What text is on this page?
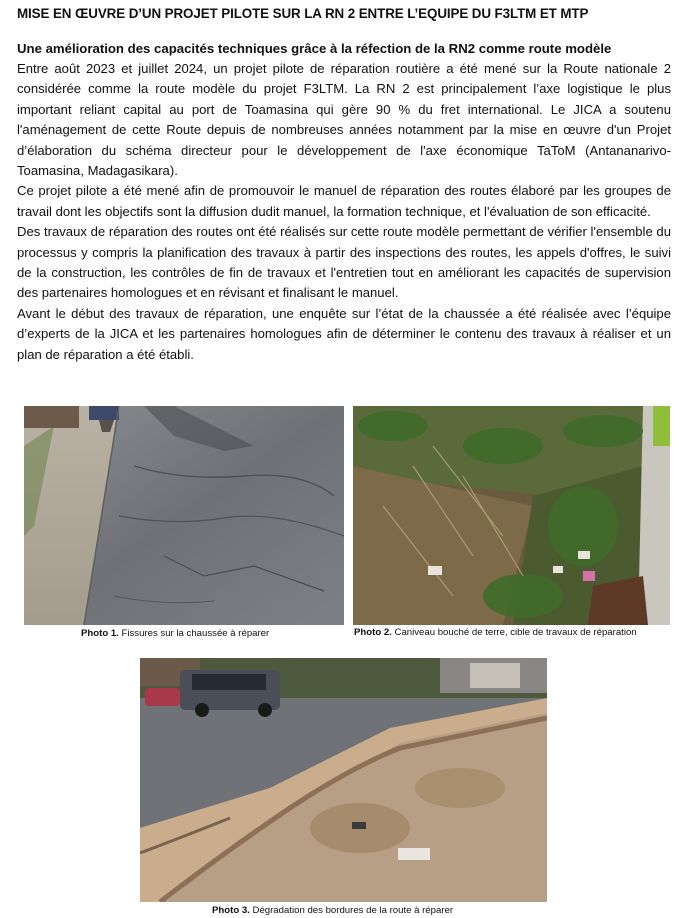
MISE EN ŒUVRE D’UN PROJET PILOTE SUR LA RN 2 ENTRE L’EQUIPE DU F3LTM ET MTP
Une amélioration des capacités techniques grâce à la réfection de la RN2 comme route modèle

Entre août 2023 et juillet 2024, un projet pilote de réparation routière a été mené sur la Route nationale 2 considérée comme la route modèle du projet F3LTM. La RN 2 est principalement l’axe logistique le plus important reliant capital au port de Toamasina qui gère 90 % du fret international. Le JICA a soutenu l'aménagement de cette Route depuis de nombreuses années notamment par la mise en œuvre d'un Projet d’élaboration du schéma directeur pour le développement de l'axe économique TaToM (Antananarivo-Toamasina, Madagasikara).

Ce projet pilote a été mené afin de promouvoir le manuel de réparation des routes élaboré par les groupes de travail dont les objectifs sont la diffusion dudit manuel, la formation technique, et l'évaluation de son efficacité.

Des travaux de réparation des routes ont été réalisés sur cette route modèle permettant de vérifier l'ensemble du processus y compris la planification des travaux à partir des inspections des routes, les appels d'offres, le suivi de la construction, les contrôles de fin de travaux et l'entretien tout en améliorant les capacités de supervision des partenaires homologues et en révisant et finalisant le manuel.

Avant le début des travaux de réparation, une enquête sur l’état de la chaussée a été réalisée avec l’équipe d’experts de la JICA et les partenaires homologues afin de déterminer le contenu des travaux à réaliser et un plan de réparation a été établi.

Photo 1. Fissures sur la chaussée à réparer	Photo 2. Caniveau bouché de terre, cible de travaux de réparation
Photo 3. Dégradation des bordures de la route à réparer
